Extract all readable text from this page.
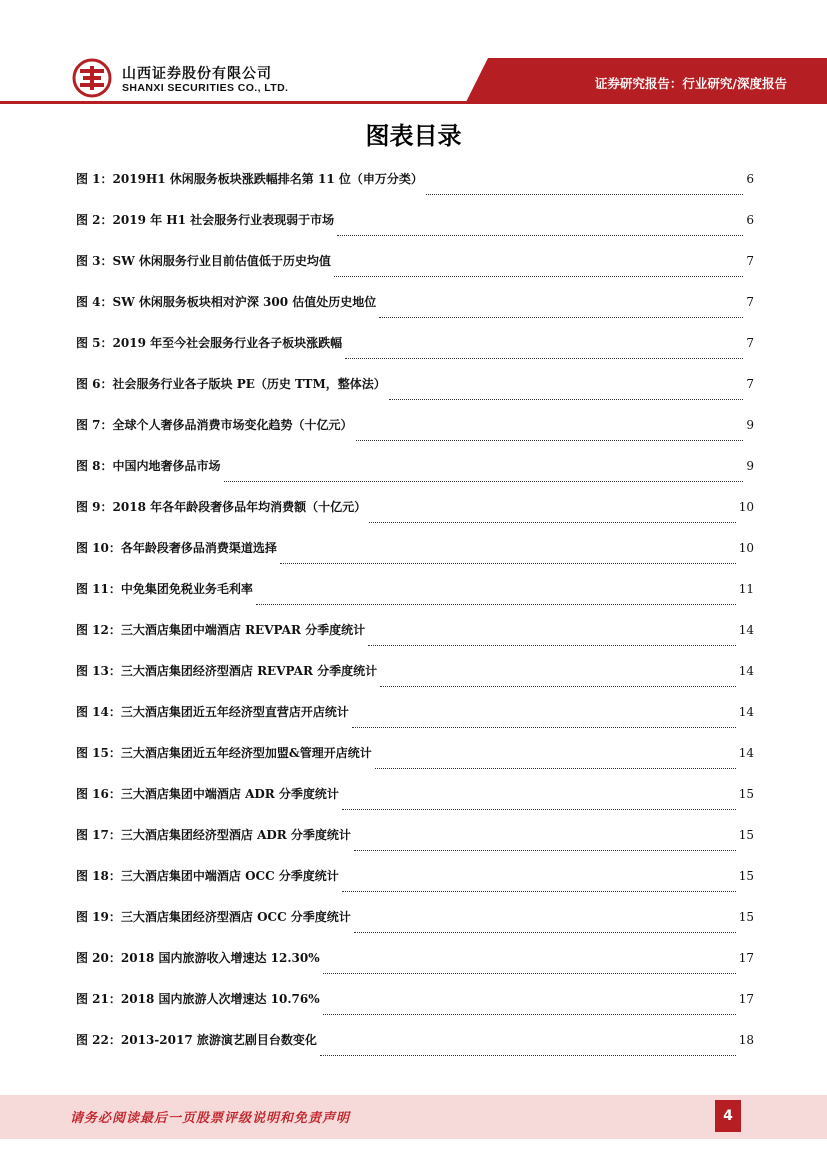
山西证券股份有限公司
SHANXI SECURITIES CO., LTD.	证券研究报告：行业研究/深度报告
图表目录
图 1： 2019H1 休闲服务板块涨跌幅排名第 11 位（申万分类）	6
图 2： 2019 年 H1 社会服务行业表现弱于市场	6
图 3： SW 休闲服务行业目前估值低于历史均值	7
图 4： SW 休闲服务板块相对沪深 300 估值处历史地位	7
图 5： 2019 年至今社会服务行业各子板块涨跌幅	7
图 6： 社会服务行业各子版块 PE（历史 TTM，整体法）	7
图 7： 全球个人奢侈品消费市场变化趋势（十亿元）	9
图 8： 中国内地奢侈品市场	9
图 9： 2018 年各年龄段奢侈品年均消费额（十亿元）	10
图 10： 各年龄段奢侈品消费渠道选择	10
图 11： 中免集团免税业务毛利率	11
图 12： 三大酒店集团中端酒店 REVPAR 分季度统计	14
图 13： 三大酒店集团经济型酒店 REVPAR 分季度统计	14
图 14： 三大酒店集团近五年经济型直营店开店统计	14
图 15： 三大酒店集团近五年经济型加盟&管理开店统计	14
图 16： 三大酒店集团中端酒店 ADR 分季度统计	15
图 17： 三大酒店集团经济型酒店 ADR 分季度统计	15
图 18： 三大酒店集团中端酒店 OCC 分季度统计	15
图 19： 三大酒店集团经济型酒店 OCC 分季度统计	15
图 20： 2018 国内旅游收入增速达 12.30%	17
图 21： 2018 国内旅游人次增速达 10.76%	17
图 22： 2013-2017 旅游演艺剧目台数变化	18
请务必阅读最后一页股票评级说明和免责声明	4
